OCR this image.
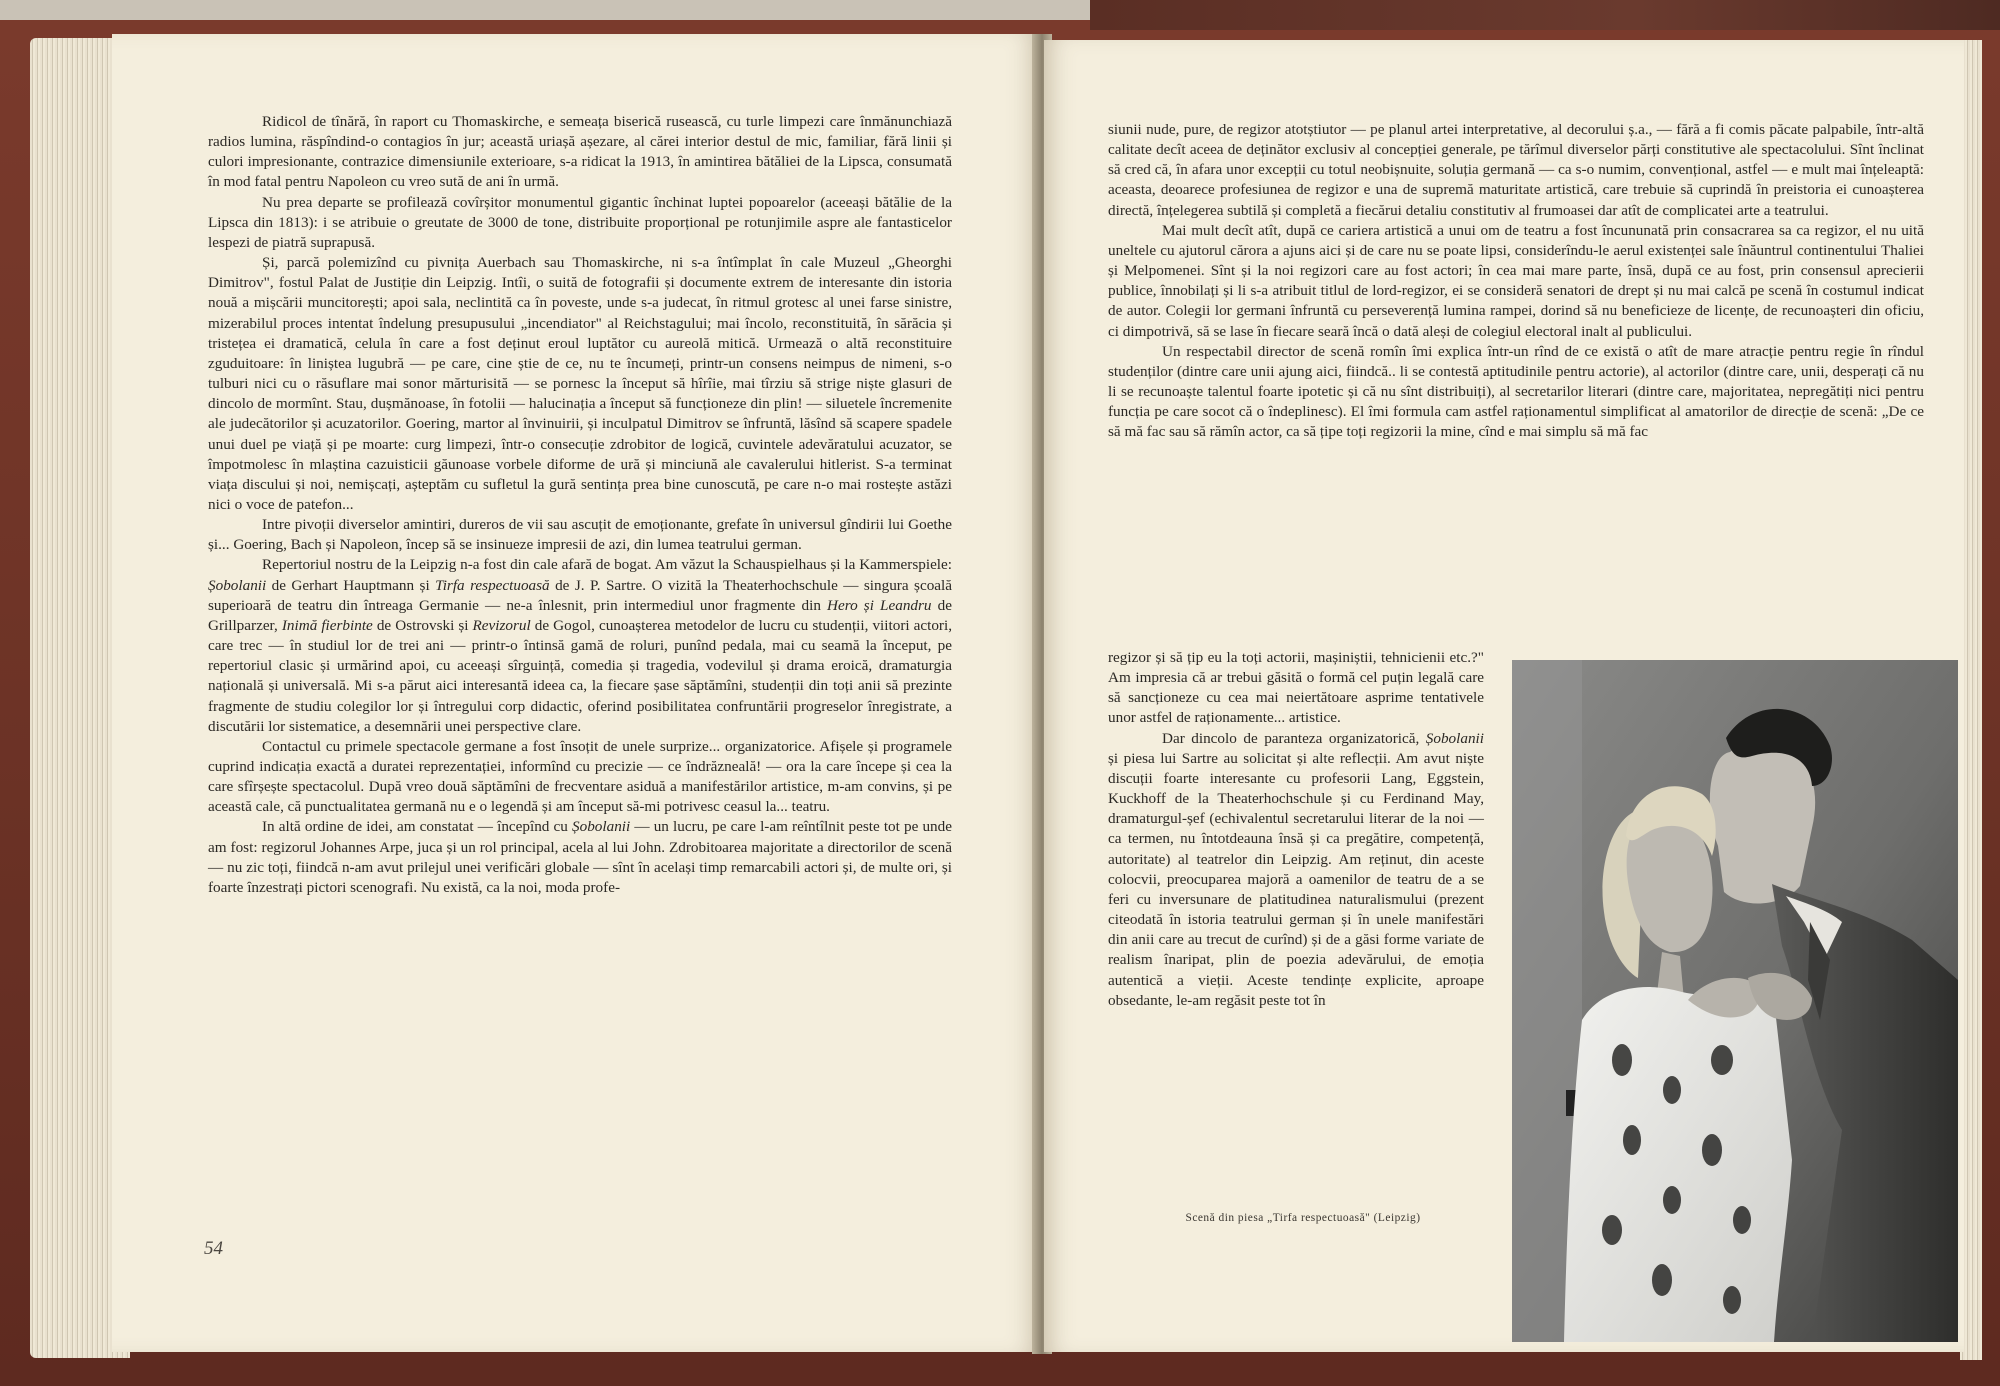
Ridicol de tînără, în raport cu Thomaskirche, e semeața biserică rusească, cu turle limpezi care înmănunchiază radios lumina, răspîndind-o contagios în jur; această uriașă așezare, al cărei interior destul de mic, familiar, fără linii și culori impresionante, contrazice dimensiunile exterioare, s-a ridicat la 1913, în amintirea bătăliei de la Lipsca, consumată în mod fatal pentru Napoleon cu vreo sută de ani în urmă.

Nu prea departe se profilează covîrșitor monumentul gigantic închinat luptei popoarelor (aceeași bătălie de la Lipsca din 1813): i se atribuie o greutate de 3000 de tone, distribuite proporțional pe rotunjimile aspre ale fantasticelor lespezi de piatră suprapusă.

Și, parcă polemizînd cu pivnița Auerbach sau Thomaskirche, ni s-a întîmplat în cale Muzeul „Gheorghi Dimitrov", fostul Palat de Justiție din Leipzig. Intîi, o suită de fotografii și documente extrem de interesante din istoria nouă a mișcării muncitorești; apoi sala, neclintită ca în poveste, unde s-a judecat, în ritmul grotesc al unei farse sinistre, mizerabilul proces intentat îndelung presupusului „incendiator" al Reichstagului; mai încolo, reconstituită, în sărăcia și tristețea ei dramatică, celula în care a fost deținut eroul luptător cu aureolă mitică. Urmează o altă reconstituire zguduitoare: în liniștea lugubră — pe care, cine știe de ce, nu te încumeți, printr-un consens neimpus de nimeni, s-o tulburi nici cu o răsuflare mai sonor mărturisită — se pornesc la început să hîrîie, mai tîrziu să strige niște glasuri de dincolo de mormînt. Stau, dușmănoase, în fotolii — halucinația a început să funcționeze din plin! — siluetele încremenite ale judecătorilor și acuzatorilor. Goering, martor al învinuirii, și inculpatul Dimitrov se înfruntă, lăsînd să scapere spadele unui duel pe viață și pe moarte: curg limpezi, într-o consecuție zdrobitor de logică, cuvintele adevăratului acuzator, se împotmolesc în mlaștina cazuisticii găunoase vorbele diforme de ură și minciună ale cavalerului hitlerist. S-a terminat viața discului și noi, nemișcați, așteptăm cu sufletul la gură sentința prea bine cunoscută, pe care n-o mai rostește astăzi nici o voce de patefon...

Intre pivoții diverselor amintiri, dureros de vii sau ascuțit de emoționante, grefate în universul gîndirii lui Goethe și... Goering, Bach și Napoleon, încep să se insinueze impresii de azi, din lumea teatrului german.

Repertoriul nostru de la Leipzig n-a fost din cale afară de bogat. Am văzut la Schauspielhaus și la Kammerspiele: Șobolanii de Gerhart Hauptmann și Tirfa respectuoasă de J. P. Sartre. O vizită la Theaterhochschule — singura școală superioară de teatru din întreaga Germanie — ne-a înlesnit, prin intermediul unor fragmente din Hero și Leandru de Grillparzer, Inimă fierbinte de Ostrovski și Revizorul de Gogol, cunoașterea metodelor de lucru cu studenții, viitori actori, care trec — în studiul lor de trei ani — printr-o întinsă gamă de roluri, punînd pedala, mai cu seamă la început, pe repertoriul clasic și urmărind apoi, cu aceeași sîrguință, comedia și tragedia, vodevilul și drama eroică, dramaturgia națională și universală. Mi s-a părut aici interesantă ideea ca, la fiecare șase săptămîni, studenții din toți anii să prezinte fragmente de studiu colegilor lor și întregului corp didactic, oferind posibilitatea confruntării progreselor înregistrate, a discutării lor sistematice, a desemnării unei perspective clare.

Contactul cu primele spectacole germane a fost însoțit de unele surprize... organizatorice. Afișele și programele cuprind indicația exactă a duratei reprezentației, informînd cu precizie — ce îndrăzneală! — ora la care începe și cea la care sfîrșește spectacolul. După vreo două săptămîni de frecventare asiduă a manifestărilor artistice, m-am convins, și pe această cale, că punctualitatea germană nu e o legendă și am început să-mi potrivesc ceasul la... teatru.

In altă ordine de idei, am constatat — începînd cu Șobolanii — un lucru, pe care l-am reîntîlnit peste tot pe unde am fost: regizorul Johannes Arpe, juca și un rol principal, acela al lui John. Zdrobitoarea majoritate a directorilor de scenă — nu zic toți, fiindcă n-am avut prilejul unei verificări globale — sînt în același timp remarcabili actori și, de multe ori, și foarte înzestrați pictori scenografi. Nu există, ca la noi, moda profe-

54

siunii nude, pure, de regizor atotștiutor — pe planul artei interpretative, al decorului ș.a., — fără a fi comis păcate palpabile, într-altă calitate decît aceea de deținător exclusiv al concepției generale, pe tărîmul diverselor părți constitutive ale spectacolului. Sînt înclinat să cred că, în afara unor excepții cu totul neobișnuite, soluția germană — ca s-o numim, convențional, astfel — e mult mai înțeleaptă: aceasta, deoarece profesiunea de regizor e una de supremă maturitate artistică, care trebuie să cuprindă în preistoria ei cunoașterea directă, înțelegerea subtilă și completă a fiecărui detaliu constitutiv al frumoasei dar atît de complicatei arte a teatrului.

Mai mult decît atît, după ce cariera artistică a unui om de teatru a fost încununată prin consacrarea sa ca regizor, el nu uită uneltele cu ajutorul cărora a ajuns aici și de care nu se poate lipsi, considerîndu-le aerul existenței sale înăuntrul continentului Thaliei și Melpomenei. Sînt și la noi regizori care au fost actori; în cea mai mare parte, însă, după ce au fost, prin consensul aprecierii publice, înnobilați și li s-a atribuit titlul de lord-regizor, ei se consideră senatori de drept și nu mai calcă pe scenă în costumul indicat de autor. Colegii lor germani înfruntă cu perseverență lumina rampei, dorind să nu beneficieze de licențe, de recunoașteri din oficiu, ci dimpotrivă, să se lase în fiecare seară încă o dată aleși de colegiul electoral inalt al publicului.

Un respectabil director de scenă romîn îmi explica într-un rînd de ce există o atît de mare atracție pentru regie în rîndul studenților (dintre care unii ajung aici, fiindcă.. li se contestă aptitudinile pentru actorie), al actorilor (dintre care, unii, desperați că nu li se recunoaște talentul foarte ipotetic și că nu sînt distribuiți), al secretarilor literari (dintre care, majoritatea, nepregătiți nici pentru funcția pe care socot că o îndeplinesc). El îmi formula cam astfel raționamentul simplificat al amatorilor de direcție de scenă: „De ce să mă fac sau să rămîn actor, ca să țipe toți regizorii la mine, cînd e mai simplu să mă fac

regizor și să țip eu la toți actorii, mașiniștii, tehnicienii etc.?" Am impresia că ar trebui găsită o formă cel puțin legală care să sancționeze cu cea mai neiertătoare asprime tentativele unor astfel de raționamente... artistice.

Dar dincolo de paranteza organizatorică, Șobolanii și piesa lui Sartre au solicitat și alte reflecții. Am avut niște discuții foarte interesante cu profesorii Lang, Eggstein, Kuckhoff de la Theaterhochschule și cu Ferdinand May, dramaturgul-șef (echivalentul secretarului literar de la noi — ca termen, nu întotdeauna însă și ca pregătire, competență, autoritate) al teatrelor din Leipzig. Am reținut, din aceste colocvii, preocuparea majoră a oamenilor de teatru de a se feri cu inversunare de platitudinea naturalismului (prezent citeodată în istoria teatrului german și în unele manifestări din anii care au trecut de curînd) și de a găsi forme variate de realism înaripat, plin de poezia adevărului, de emoția autentică a vieții. Aceste tendințe explicite, aproape obsedante, le-am regăsit peste tot în

Scenă din piesa „Tirfa respectuoasă" (Leipzig)
